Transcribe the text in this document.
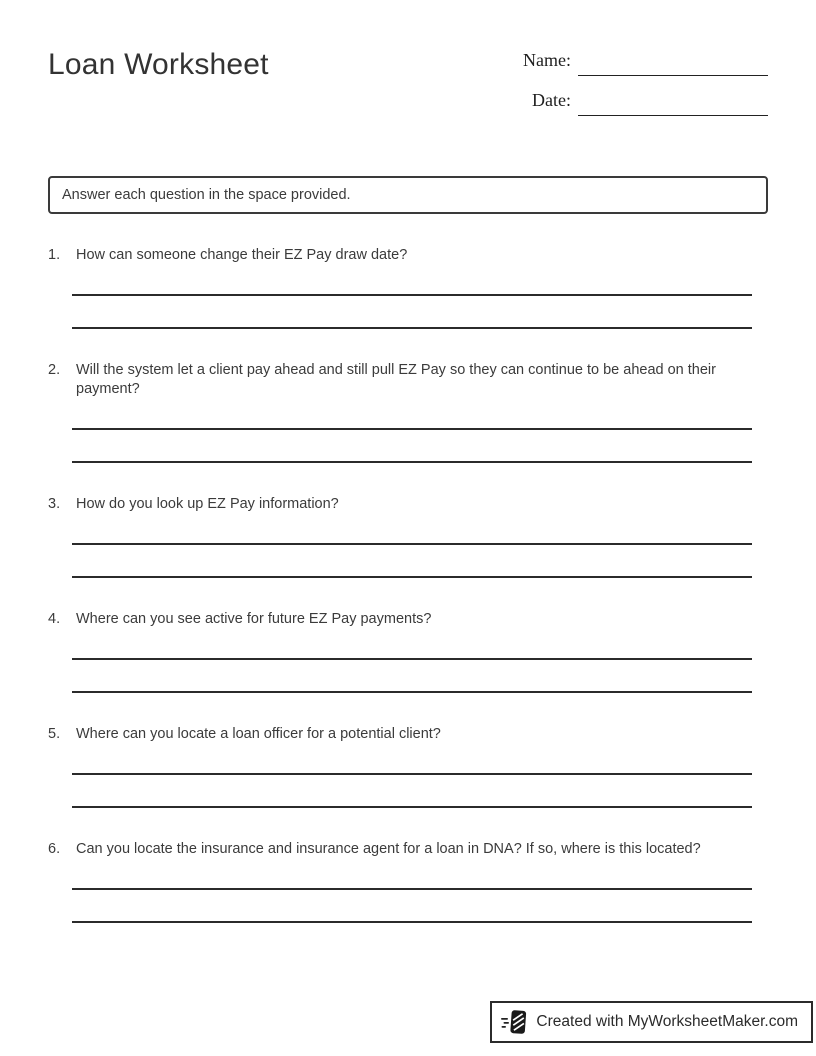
Loan Worksheet	Name:
Date:
Answer each question in the space provided.
1. How can someone change their EZ Pay draw date?
2. Will the system let a client pay ahead and still pull EZ Pay so they can continue to be ahead on their payment?
3. How do you look up EZ Pay information?
4. Where can you see active for future EZ Pay payments?
5. Where can you locate a loan officer for a potential client?
6. Can you locate the insurance and insurance agent for a loan in DNA? If so, where is this located?
Created with MyWorksheetMaker.com
